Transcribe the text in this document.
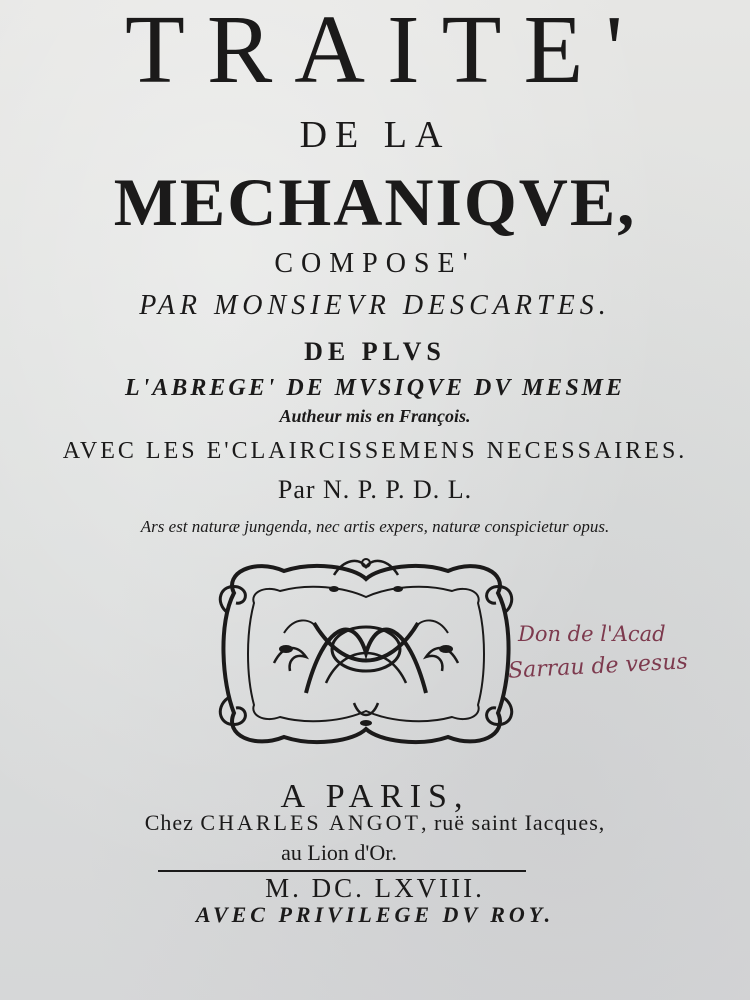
TRAITE'
DE LA
MECHANIQVE,
COMPOSE'
PAR MONSIEVR DESCARTES.
DE PLVS
L'ABREGE' DE MVSIQVE DV MESME
Autheur mis en François.
AVEC LES E'CLAIRCISSEMENS NECESSAIRES.
Par N. P. P. D. L.
Ars est naturæ jungenda, nec artis expers, naturæ conspicietur opus.
Don de l'Acad
Sarrau de vesus
A PARIS,
Chez CHARLES ANGOT, ruë saint Iacques,
au Lion d'Or.
M. DC. LXVIII.
AVEC PRIVILEGE DV ROY.
